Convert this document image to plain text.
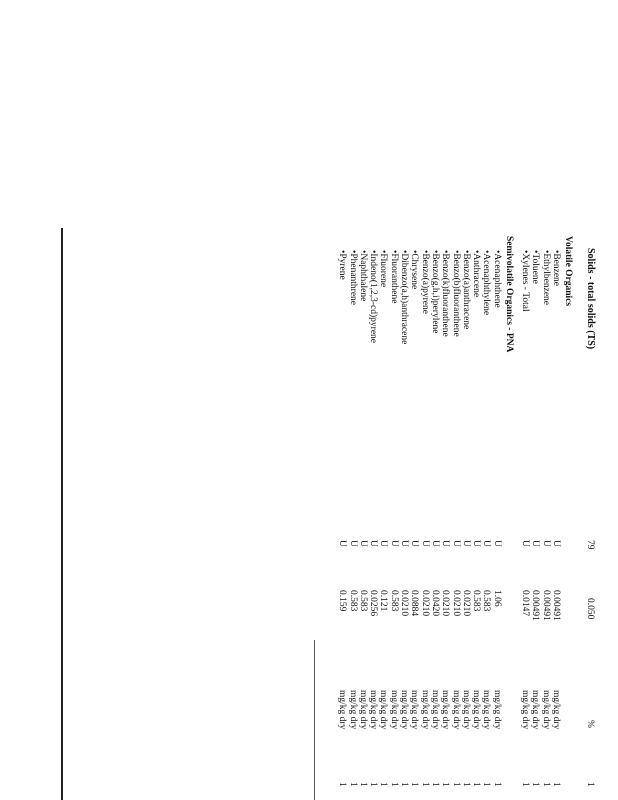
Solids - total solids (TS)
79
0.050
%
1
Volatile Organics
•Benzene
U
0.00491
mg/kg dry
1
•Ethylbenzene
U
0.00491
mg/kg dry
1
•Toluene
U
0.00491
mg/kg dry
1
•Xylenes - Total
U
0.0147
mg/kg dry
1
Semivolatile Organics - PNA
•Acenaphthene
U
1.06
mg/kg dry
1
•Acenaphthylene
U
0.583
mg/kg dry
1
•Anthracene
U
0.583
mg/kg dry
1
•Benzo(a)anthracene
U
0.0210
mg/kg dry
1
•Benzo(b)fluoranthene
U
0.0210
mg/kg dry
1
•Benzo(k)fluoranthene
U
0.0210
mg/kg dry
1
•Benzo(g,h,i)perylene
U
0.0420
mg/kg dry
1
•Benzo(a)pyrene
U
0.0210
mg/kg dry
1
•Chrysene
U
0.0884
mg/kg dry
1
•Dibenzo(a,h)anthracene
U
0.0210
mg/kg dry
1
•Fluoranthene
U
0.583
mg/kg dry
1
•Fluorene
U
0.121
mg/kg dry
1
•Indeno(1,2,3-cd)pyrene
U
0.0256
mg/kg dry
1
•Naphthalene
U
0.583
mg/kg dry
1
•Phenanthrene
U
0.583
mg/kg dry
1
•Pyrene
U
0.159
mg/kg dry
1
